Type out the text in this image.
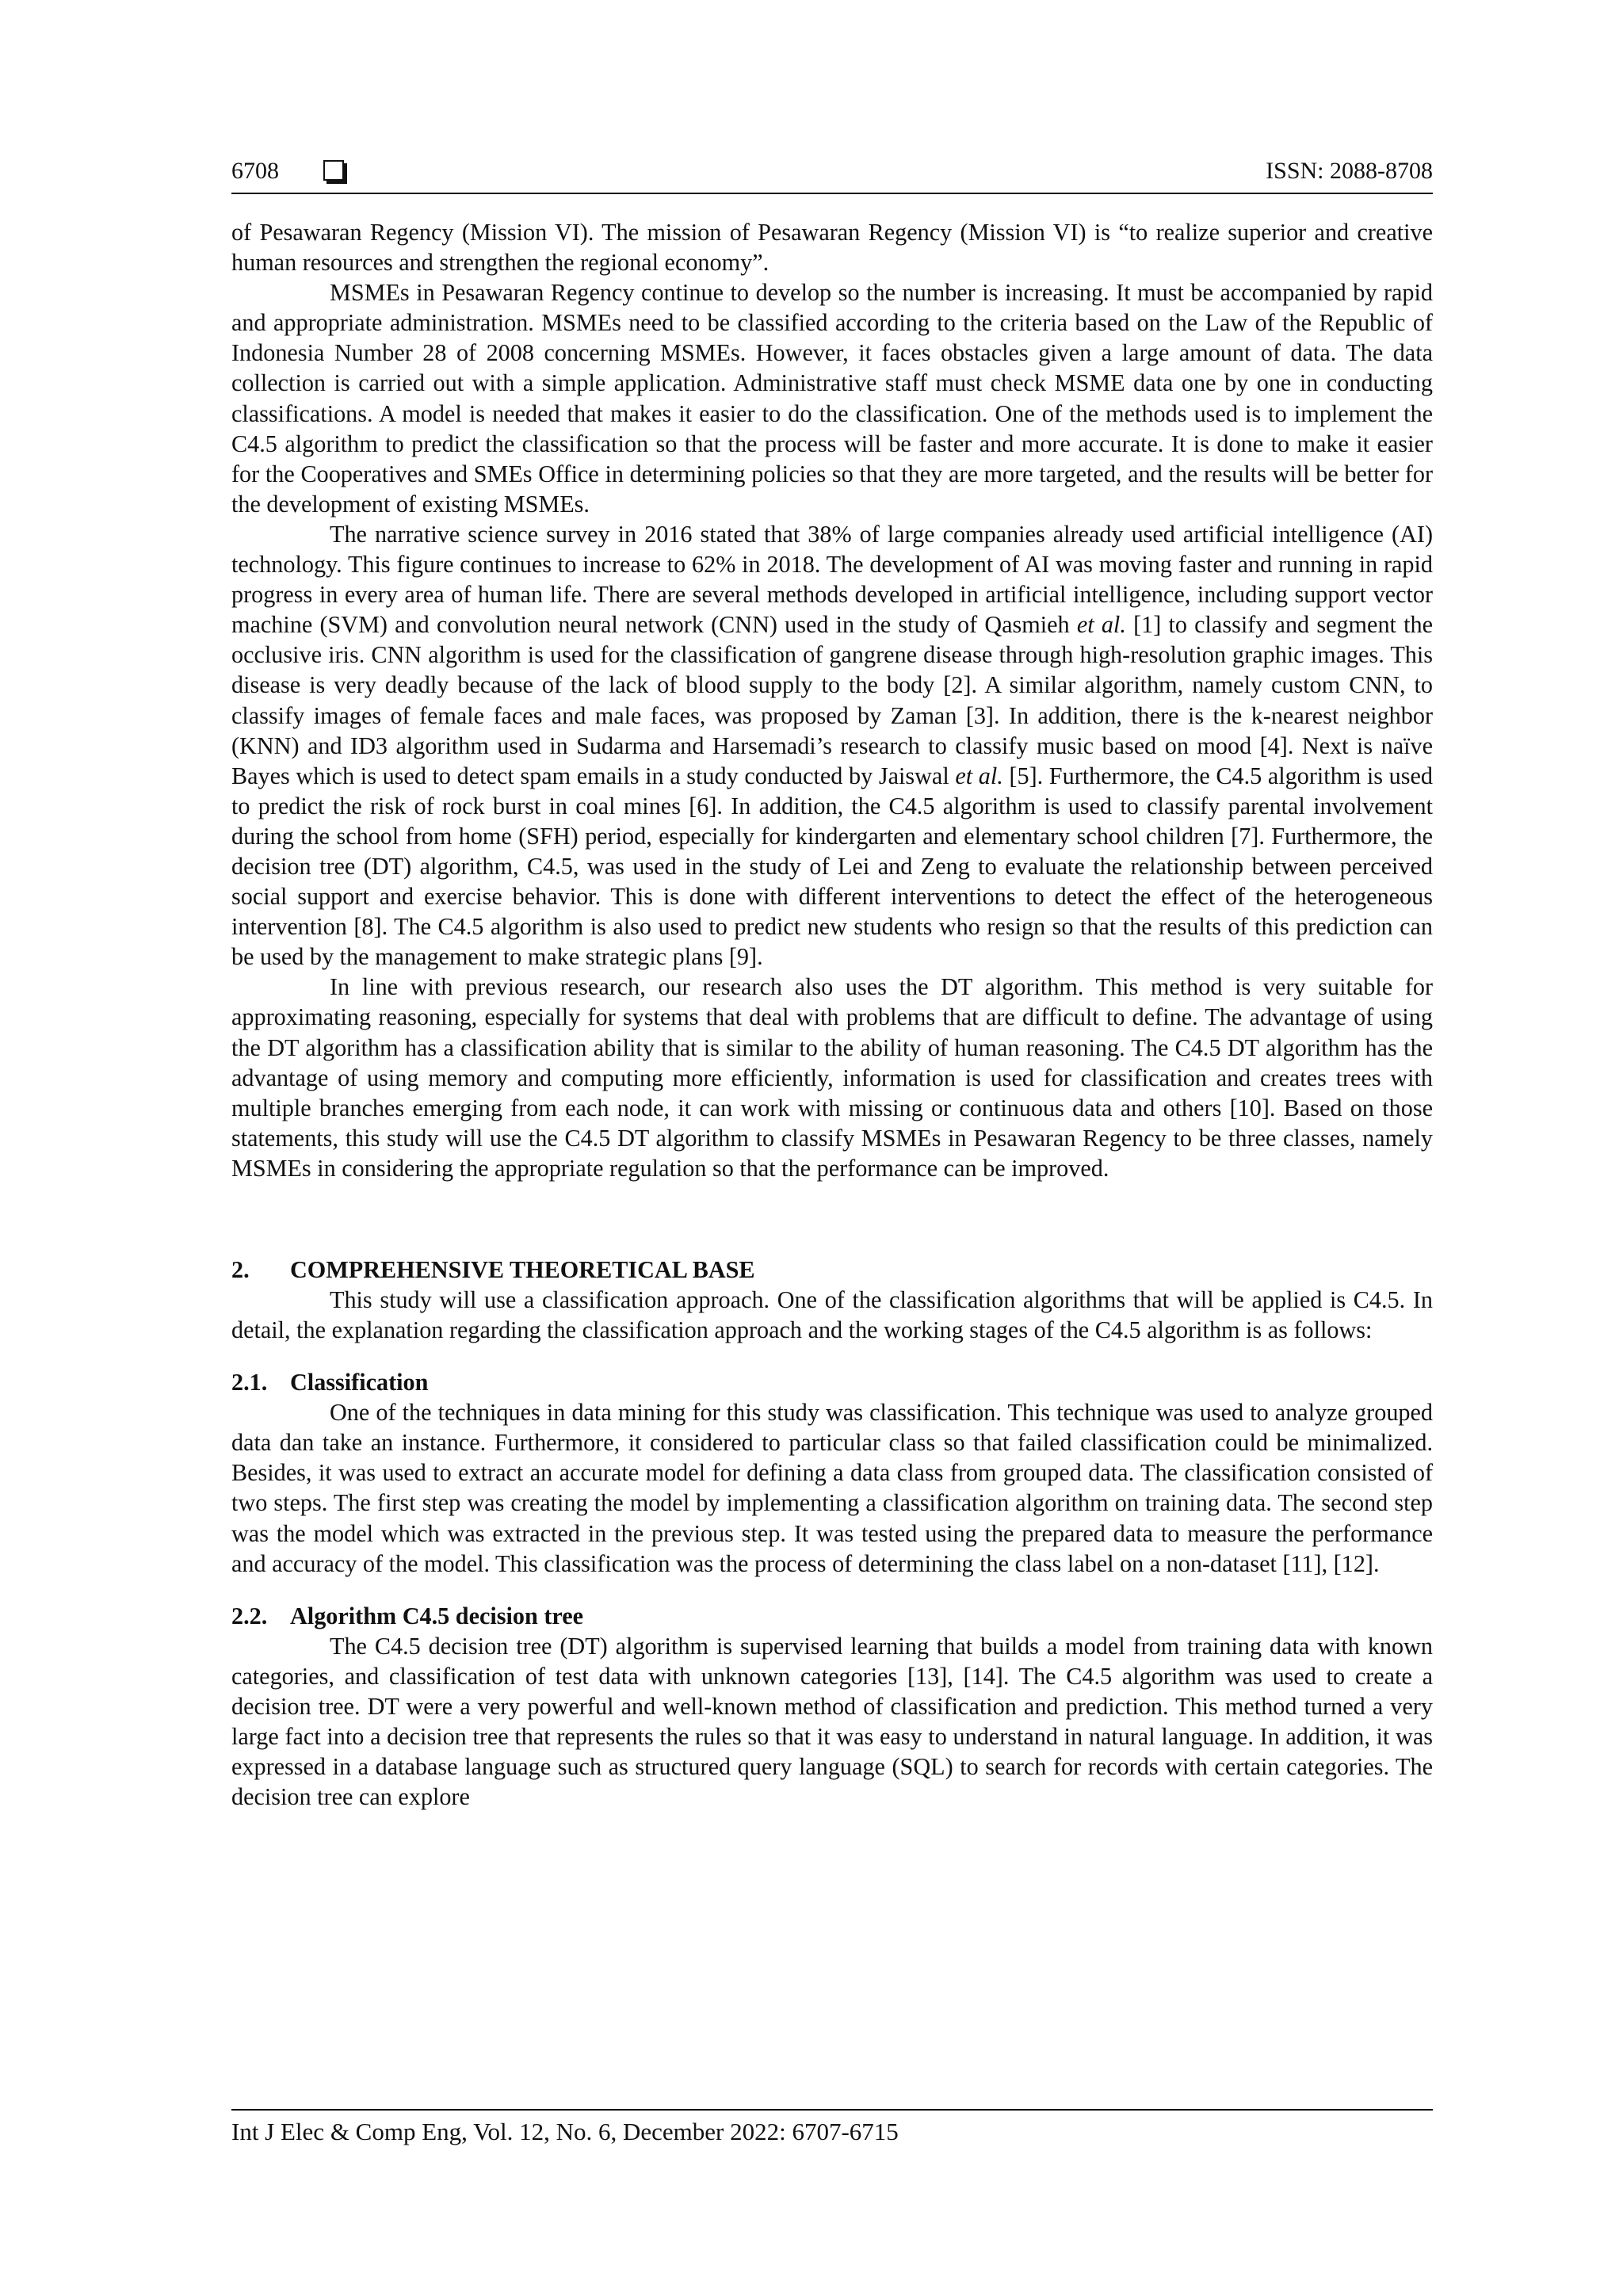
6708	ISSN: 2088-8708

of Pesawaran Regency (Mission VI). The mission of Pesawaran Regency (Mission VI) is “to realize superior and creative human resources and strengthen the regional economy”.

MSMEs in Pesawaran Regency continue to develop so the number is increasing. It must be accompanied by rapid and appropriate administration. MSMEs need to be classified according to the criteria based on the Law of the Republic of Indonesia Number 28 of 2008 concerning MSMEs. However, it faces obstacles given a large amount of data. The data collection is carried out with a simple application. Administrative staff must check MSME data one by one in conducting classifications. A model is needed that makes it easier to do the classification. One of the methods used is to implement the C4.5 algorithm to predict the classification so that the process will be faster and more accurate. It is done to make it easier for the Cooperatives and SMEs Office in determining policies so that they are more targeted, and the results will be better for the development of existing MSMEs.

The narrative science survey in 2016 stated that 38% of large companies already used artificial intelligence (AI) technology. This figure continues to increase to 62% in 2018. The development of AI was moving faster and running in rapid progress in every area of human life. There are several methods developed in artificial intelligence, including support vector machine (SVM) and convolution neural network (CNN) used in the study of Qasmieh et al. [1] to classify and segment the occlusive iris. CNN algorithm is used for the classification of gangrene disease through high-resolution graphic images. This disease is very deadly because of the lack of blood supply to the body [2]. A similar algorithm, namely custom CNN, to classify images of female faces and male faces, was proposed by Zaman [3]. In addition, there is the k-nearest neighbor (KNN) and ID3 algorithm used in Sudarma and Harsemadi’s research to classify music based on mood [4]. Next is naïve Bayes which is used to detect spam emails in a study conducted by Jaiswal et al. [5]. Furthermore, the C4.5 algorithm is used to predict the risk of rock burst in coal mines [6]. In addition, the C4.5 algorithm is used to classify parental involvement during the school from home (SFH) period, especially for kindergarten and elementary school children [7]. Furthermore, the decision tree (DT) algorithm, C4.5, was used in the study of Lei and Zeng to evaluate the relationship between perceived social support and exercise behavior. This is done with different interventions to detect the effect of the heterogeneous intervention [8]. The C4.5 algorithm is also used to predict new students who resign so that the results of this prediction can be used by the management to make strategic plans [9].

In line with previous research, our research also uses the DT algorithm. This method is very suitable for approximating reasoning, especially for systems that deal with problems that are difficult to define. The advantage of using the DT algorithm has a classification ability that is similar to the ability of human reasoning. The C4.5 DT algorithm has the advantage of using memory and computing more efficiently, information is used for classification and creates trees with multiple branches emerging from each node, it can work with missing or continuous data and others [10]. Based on those statements, this study will use the C4.5 DT algorithm to classify MSMEs in Pesawaran Regency to be three classes, namely MSMEs in considering the appropriate regulation so that the performance can be improved.

2. COMPREHENSIVE THEORETICAL BASE

This study will use a classification approach. One of the classification algorithms that will be applied is C4.5. In detail, the explanation regarding the classification approach and the working stages of the C4.5 algorithm is as follows:

2.1. Classification

One of the techniques in data mining for this study was classification. This technique was used to analyze grouped data dan take an instance. Furthermore, it considered to particular class so that failed classification could be minimalized. Besides, it was used to extract an accurate model for defining a data class from grouped data. The classification consisted of two steps. The first step was creating the model by implementing a classification algorithm on training data. The second step was the model which was extracted in the previous step. It was tested using the prepared data to measure the performance and accuracy of the model. This classification was the process of determining the class label on a non-dataset [11], [12].

2.2. Algorithm C4.5 decision tree

The C4.5 decision tree (DT) algorithm is supervised learning that builds a model from training data with known categories, and classification of test data with unknown categories [13], [14]. The C4.5 algorithm was used to create a decision tree. DT were a very powerful and well-known method of classification and prediction. This method turned a very large fact into a decision tree that represents the rules so that it was easy to understand in natural language. In addition, it was expressed in a database language such as structured query language (SQL) to search for records with certain categories. The decision tree can explore

Int J Elec & Comp Eng, Vol. 12, No. 6, December 2022: 6707-6715
